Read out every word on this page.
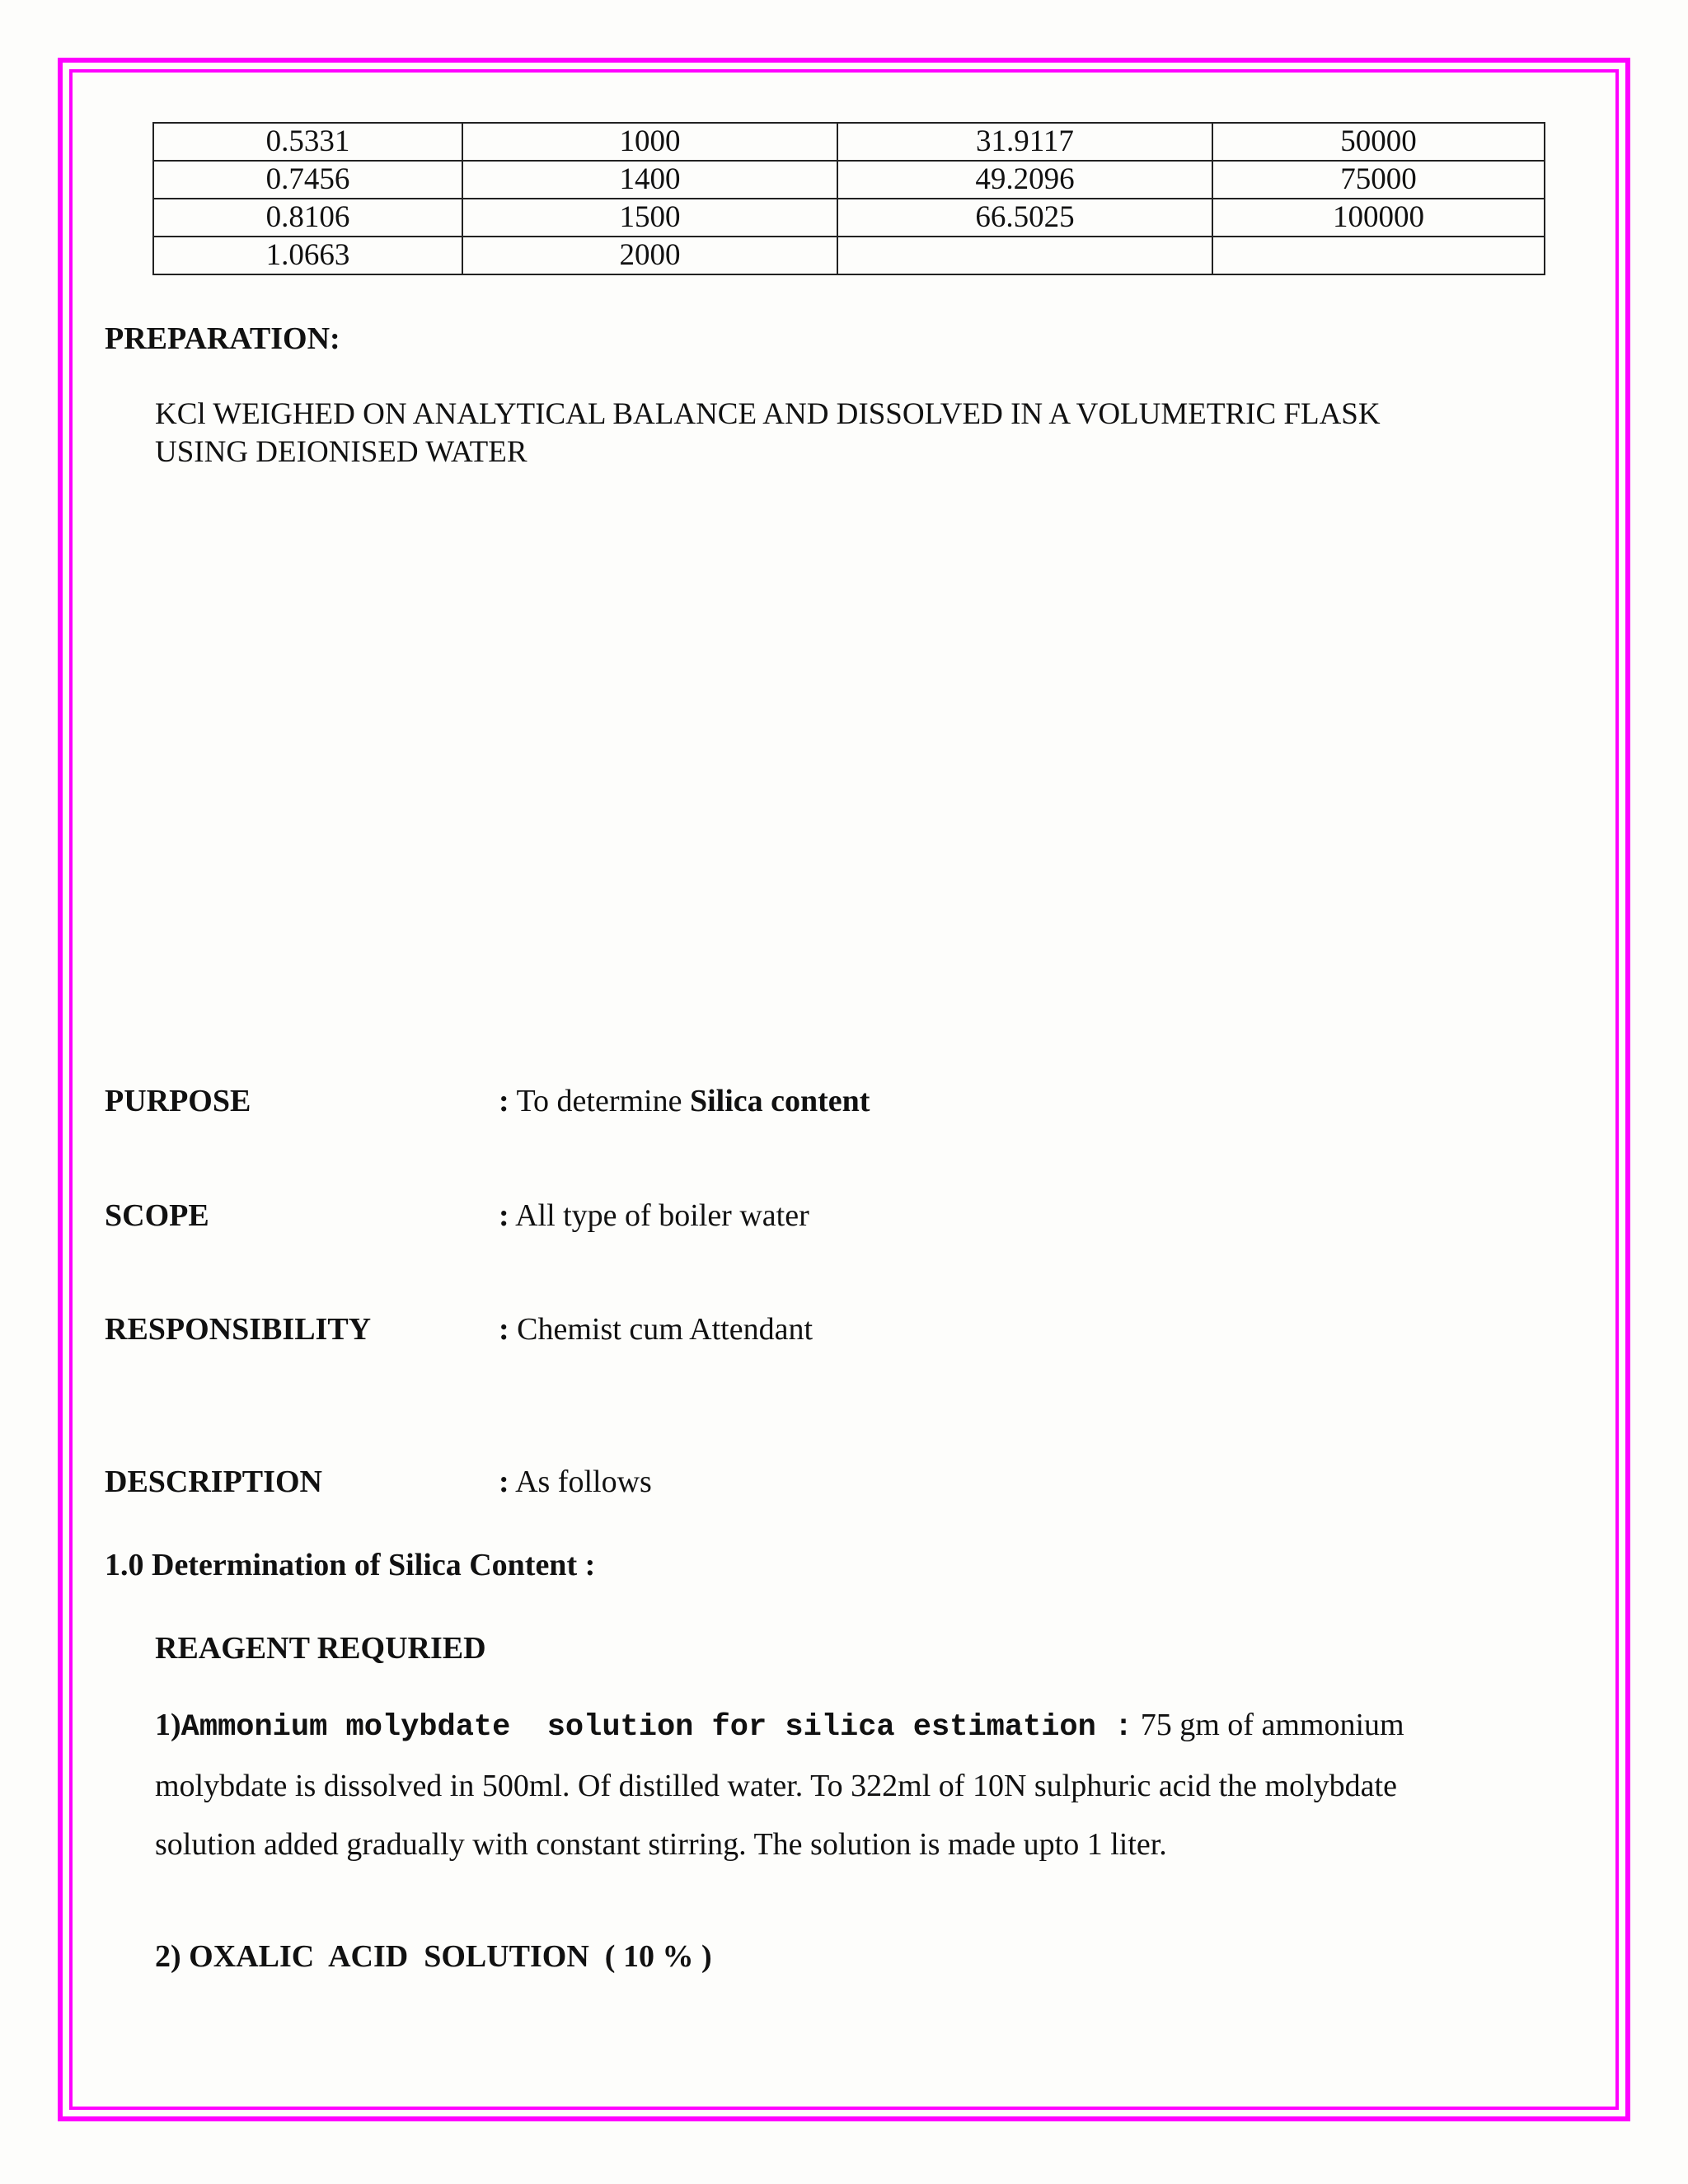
0.5331	1000	31.9117	50000
0.7456	1400	49.2096	75000
0.8106	1500	66.5025	100000
1.0663	2000		
PREPARATION:
KCl WEIGHED ON ANALYTICAL BALANCE AND DISSOLVED IN A VOLUMETRIC FLASK
USING DEIONISED WATER
PURPOSE	: To determine Silica content
SCOPE	: All type of boiler water
RESPONSIBILITY	: Chemist cum Attendant
DESCRIPTION	: As follows
1.0 Determination of Silica Content :
REAGENT REQURIED
1)Ammonium molybdate  solution for silica estimation : 75 gm of ammonium
molybdate is dissolved in 500ml. Of distilled water. To 322ml of 10N sulphuric acid the molybdate
solution added gradually with constant stirring. The solution is made upto 1 liter.
2) OXALIC  ACID  SOLUTION  ( 10 % )
